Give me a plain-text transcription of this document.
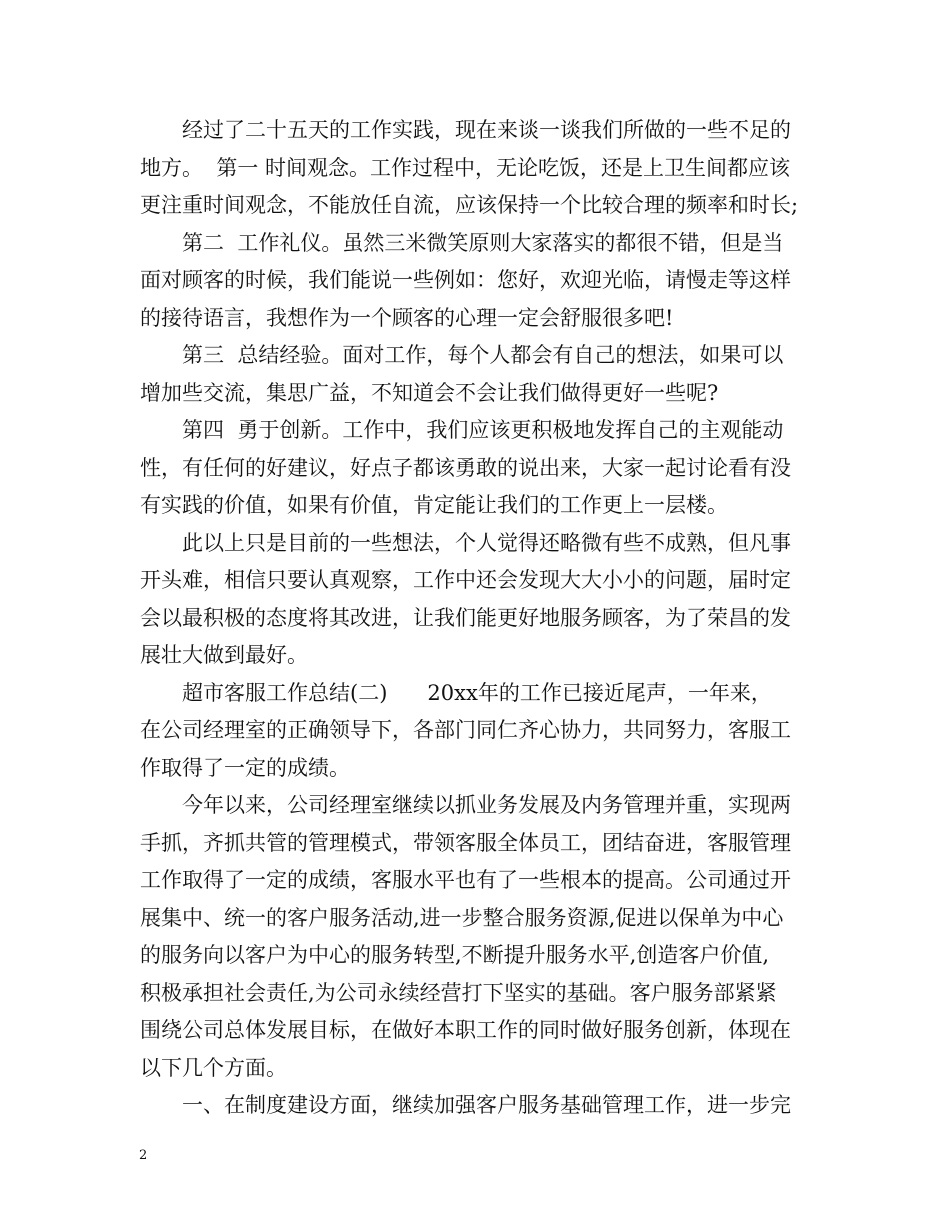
经过了二十五天的工作实践，现在来谈一谈我们所做的一些不足的
地方。  第一 时间观念。工作过程中，无论吃饭，还是上卫生间都应该
更注重时间观念，不能放任自流，应该保持一个比较合理的频率和时长;
第二  工作礼仪。虽然三米微笑原则大家落实的都很不错，但是当
面对顾客的时候，我们能说一些例如：您好，欢迎光临，请慢走等这样
的接待语言，我想作为一个顾客的心理一定会舒服很多吧!
第三  总结经验。面对工作，每个人都会有自己的想法，如果可以
增加些交流，集思广益，不知道会不会让我们做得更好一些呢?
第四  勇于创新。工作中，我们应该更积极地发挥自己的主观能动
性，有任何的好建议，好点子都该勇敢的说出来，大家一起讨论看有没
有实践的价值，如果有价值，肯定能让我们的工作更上一层楼。
此以上只是目前的一些想法，个人觉得还略微有些不成熟，但凡事
开头难，相信只要认真观察，工作中还会发现大大小小的问题，届时定
会以最积极的态度将其改进，让我们能更好地服务顾客，为了荣昌的发
展壮大做到最好。
超市客服工作总结(二)      20xx年的工作已接近尾声，一年来，
在公司经理室的正确领导下，各部门同仁齐心协力，共同努力，客服工
作取得了一定的成绩。
今年以来，公司经理室继续以抓业务发展及内务管理并重，实现两
手抓，齐抓共管的管理模式，带领客服全体员工，团结奋进，客服管理
工作取得了一定的成绩，客服水平也有了一些根本的提高。公司通过开
展集中、统一的客户服务活动,进一步整合服务资源,促进以保单为中心
的服务向以客户为中心的服务转型,不断提升服务水平,创造客户价值,
积极承担社会责任,为公司永续经营打下坚实的基础。客户服务部紧紧
围绕公司总体发展目标，在做好本职工作的同时做好服务创新，体现在
以下几个方面。
一、在制度建设方面，继续加强客户服务基础管理工作，进一步完
2
